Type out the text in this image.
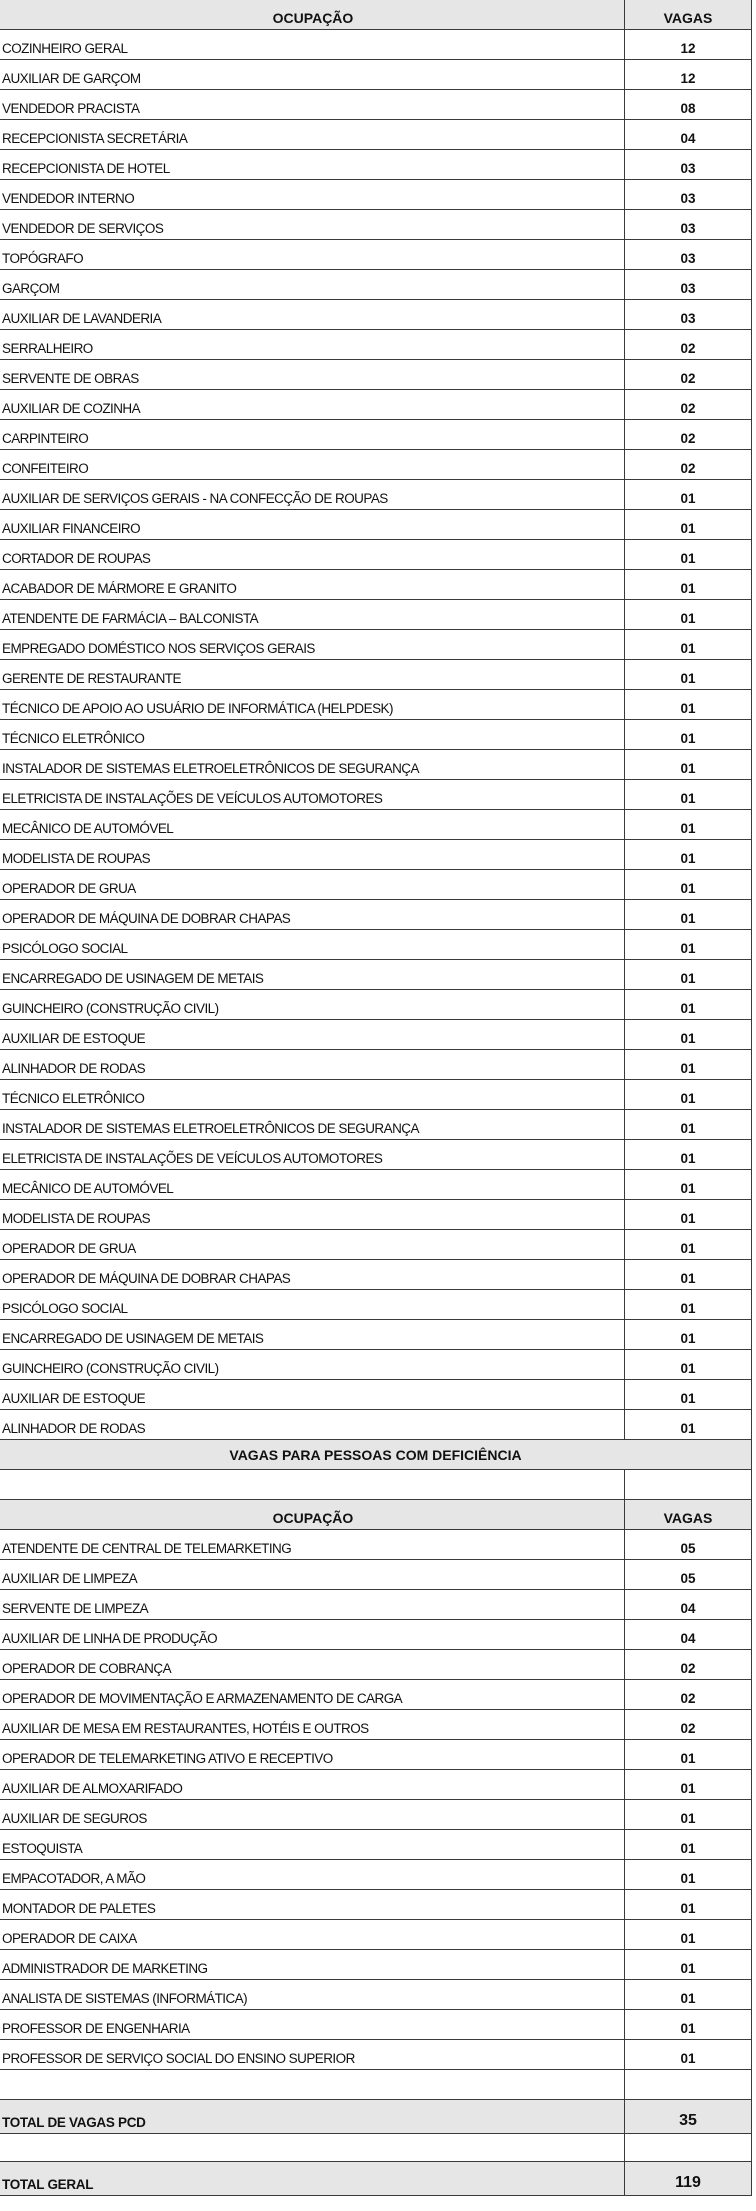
OCUPAÇÃO	VAGAS
COZINHEIRO GERAL	12
AUXILIAR DE GARÇOM	12
VENDEDOR PRACISTA	08
RECEPCIONISTA SECRETÁRIA	04
RECEPCIONISTA DE HOTEL	03
VENDEDOR INTERNO	03
VENDEDOR DE SERVIÇOS	03
TOPÓGRAFO	03
GARÇOM	03
AUXILIAR DE LAVANDERIA	03
SERRALHEIRO	02
SERVENTE DE OBRAS	02
AUXILIAR DE COZINHA	02
CARPINTEIRO	02
CONFEITEIRO	02
AUXILIAR DE SERVIÇOS GERAIS - NA CONFECÇÃO DE ROUPAS	01
AUXILIAR FINANCEIRO	01
CORTADOR DE ROUPAS	01
ACABADOR DE MÁRMORE E GRANITO	01
ATENDENTE DE FARMÁCIA – BALCONISTA	01
EMPREGADO DOMÉSTICO NOS SERVIÇOS GERAIS	01
GERENTE DE RESTAURANTE	01
TÉCNICO DE APOIO AO USUÁRIO DE INFORMÁTICA (HELPDESK)	01
TÉCNICO ELETRÔNICO	01
INSTALADOR DE SISTEMAS ELETROELETRÔNICOS DE SEGURANÇA	01
ELETRICISTA DE INSTALAÇÕES DE VEÍCULOS AUTOMOTORES	01
MECÂNICO DE AUTOMÓVEL	01
MODELISTA DE ROUPAS	01
OPERADOR DE GRUA	01
OPERADOR DE MÁQUINA DE DOBRAR CHAPAS	01
PSICÓLOGO SOCIAL	01
ENCARREGADO DE USINAGEM DE METAIS	01
GUINCHEIRO (CONSTRUÇÃO CIVIL)	01
AUXILIAR DE ESTOQUE	01
ALINHADOR DE RODAS	01
TÉCNICO ELETRÔNICO	01
INSTALADOR DE SISTEMAS ELETROELETRÔNICOS DE SEGURANÇA	01
ELETRICISTA DE INSTALAÇÕES DE VEÍCULOS AUTOMOTORES	01
MECÂNICO DE AUTOMÓVEL	01
MODELISTA DE ROUPAS	01
OPERADOR DE GRUA	01
OPERADOR DE MÁQUINA DE DOBRAR CHAPAS	01
PSICÓLOGO SOCIAL	01
ENCARREGADO DE USINAGEM DE METAIS	01
GUINCHEIRO (CONSTRUÇÃO CIVIL)	01
AUXILIAR DE ESTOQUE	01
ALINHADOR DE RODAS	01
VAGAS PARA PESSOAS COM DEFICIÊNCIA
OCUPAÇÃO	VAGAS
ATENDENTE DE CENTRAL DE TELEMARKETING	05
AUXILIAR DE LIMPEZA	05
SERVENTE DE LIMPEZA	04
AUXILIAR DE LINHA DE PRODUÇÃO	04
OPERADOR DE COBRANÇA	02
OPERADOR DE MOVIMENTAÇÃO E ARMAZENAMENTO DE CARGA	02
AUXILIAR DE MESA EM RESTAURANTES, HOTÉIS E OUTROS	02
OPERADOR DE TELEMARKETING ATIVO E RECEPTIVO	01
AUXILIAR DE ALMOXARIFADO	01
AUXILIAR DE SEGUROS	01
ESTOQUISTA	01
EMPACOTADOR, A MÃO	01
MONTADOR DE PALETES	01
OPERADOR DE CAIXA	01
ADMINISTRADOR DE MARKETING	01
ANALISTA DE SISTEMAS (INFORMÁTICA)	01
PROFESSOR DE ENGENHARIA	01
PROFESSOR DE SERVIÇO SOCIAL DO ENSINO SUPERIOR	01
TOTAL DE VAGAS PCD	35
TOTAL GERAL	119
